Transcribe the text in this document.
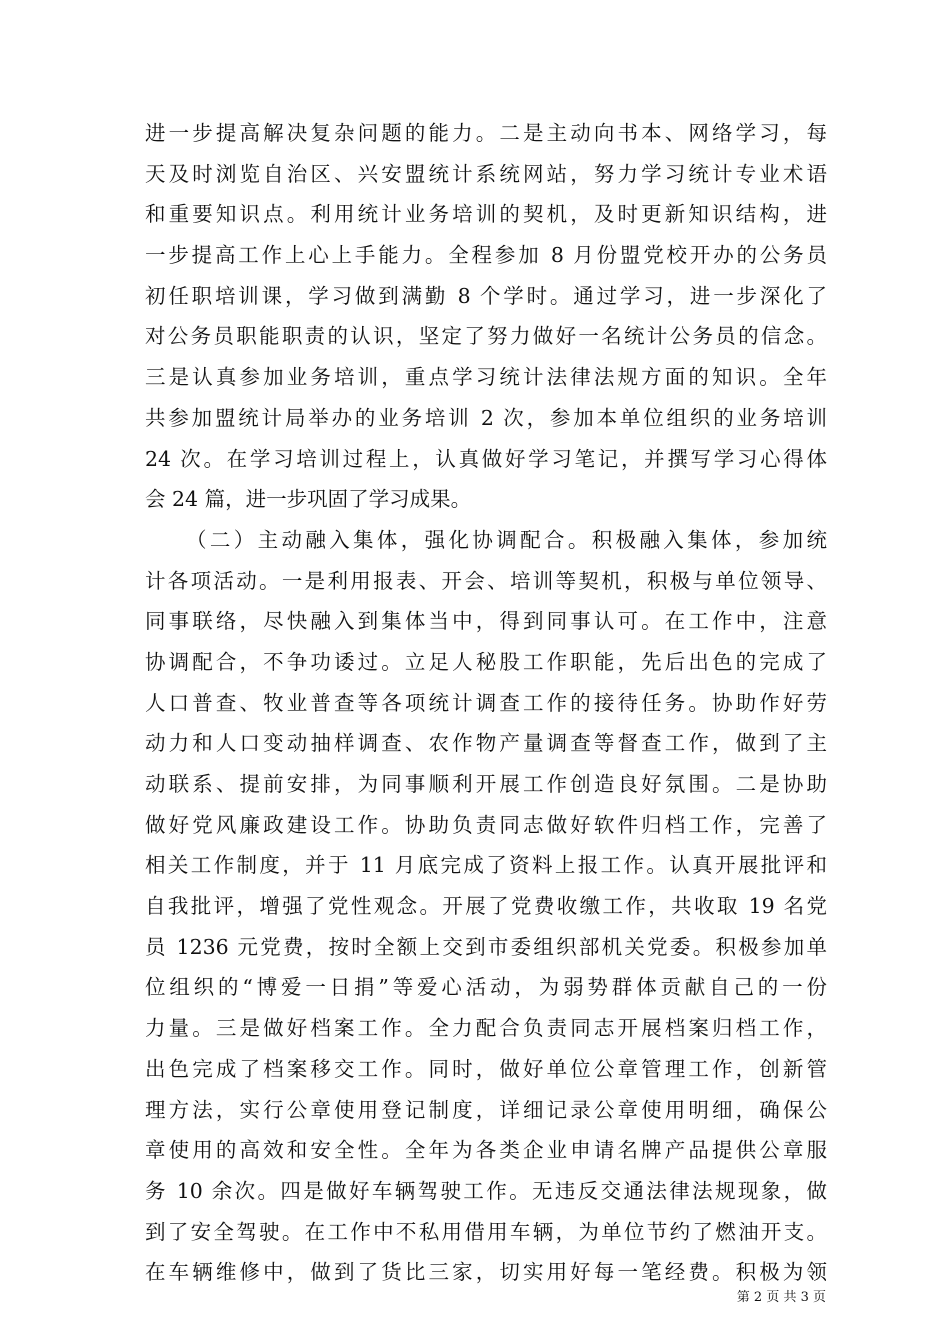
进一步提高解决复杂问题的能力。二是主动向书本、网络学习，每
天及时浏览自治区、兴安盟统计系统网站，努力学习统计专业术语
和重要知识点。利用统计业务培训的契机，及时更新知识结构，进
一步提高工作上心上手能力。全程参加 8 月份盟党校开办的公务员
初任职培训课，学习做到满勤 8 个学时。通过学习，进一步深化了
对公务员职能职责的认识，坚定了努力做好一名统计公务员的信念。
三是认真参加业务培训，重点学习统计法律法规方面的知识。全年
共参加盟统计局举办的业务培训 2 次，参加本单位组织的业务培训
24 次。在学习培训过程上，认真做好学习笔记，并撰写学习心得体
会 24 篇，进一步巩固了学习成果。
（二）主动融入集体，强化协调配合。积极融入集体，参加统
计各项活动。一是利用报表、开会、培训等契机，积极与单位领导、
同事联络，尽快融入到集体当中，得到同事认可。在工作中，注意
协调配合，不争功诿过。立足人秘股工作职能，先后出色的完成了
人口普查、牧业普查等各项统计调查工作的接待任务。协助作好劳
动力和人口变动抽样调查、农作物产量调查等督查工作，做到了主
动联系、提前安排，为同事顺利开展工作创造良好氛围。二是协助
做好党风廉政建设工作。协助负责同志做好软件归档工作，完善了
相关工作制度，并于 11 月底完成了资料上报工作。认真开展批评和
自我批评，增强了党性观念。开展了党费收缴工作，共收取 19 名党
员 1236 元党费，按时全额上交到市委组织部机关党委。积极参加单
位组织的“博爱一日捐”等爱心活动，为弱势群体贡献自己的一份
力量。三是做好档案工作。全力配合负责同志开展档案归档工作，
出色完成了档案移交工作。同时，做好单位公章管理工作，创新管
理方法，实行公章使用登记制度，详细记录公章使用明细，确保公
章使用的高效和安全性。全年为各类企业申请名牌产品提供公章服
务 10 余次。四是做好车辆驾驶工作。无违反交通法律法规现象，做
到了安全驾驶。在工作中不私用借用车辆，为单位节约了燃油开支。
在车辆维修中，做到了货比三家，切实用好每一笔经费。积极为领
第 2 页 共 3 页
